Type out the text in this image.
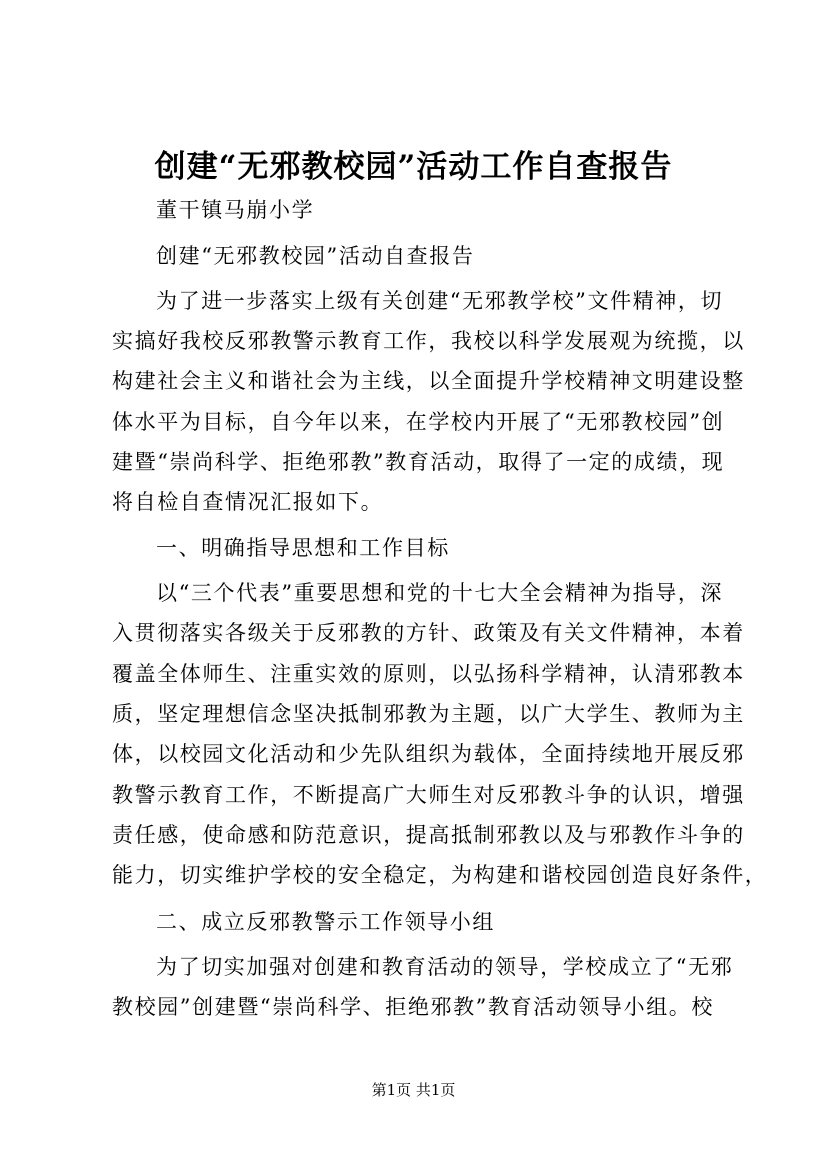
创建“无邪教校园”活动工作自查报告
董干镇马崩小学
创建“无邪教校园”活动自查报告
为了进一步落实上级有关创建“无邪教学校”文件精神，切
实搞好我校反邪教警示教育工作，我校以科学发展观为统揽，以
构建社会主义和谐社会为主线，以全面提升学校精神文明建设整
体水平为目标，自今年以来，在学校内开展了“无邪教校园”创
建暨“崇尚科学、拒绝邪教”教育活动，取得了一定的成绩，现
将自检自查情况汇报如下。
一、明确指导思想和工作目标
以“三个代表”重要思想和党的十七大全会精神为指导，深
入贯彻落实各级关于反邪教的方针、政策及有关文件精神，本着
覆盖全体师生、注重实效的原则，以弘扬科学精神，认清邪教本
质，坚定理想信念坚决抵制邪教为主题，以广大学生、教师为主
体，以校园文化活动和少先队组织为载体，全面持续地开展反邪
教警示教育工作，不断提高广大师生对反邪教斗争的认识，增强
责任感，使命感和防范意识，提高抵制邪教以及与邪教作斗争的
能力，切实维护学校的安全稳定，为构建和谐校园创造良好条件，
二、成立反邪教警示工作领导小组
为了切实加强对创建和教育活动的领导，学校成立了“无邪
教校园”创建暨“崇尚科学、拒绝邪教”教育活动领导小组。校
第1页 共1页
